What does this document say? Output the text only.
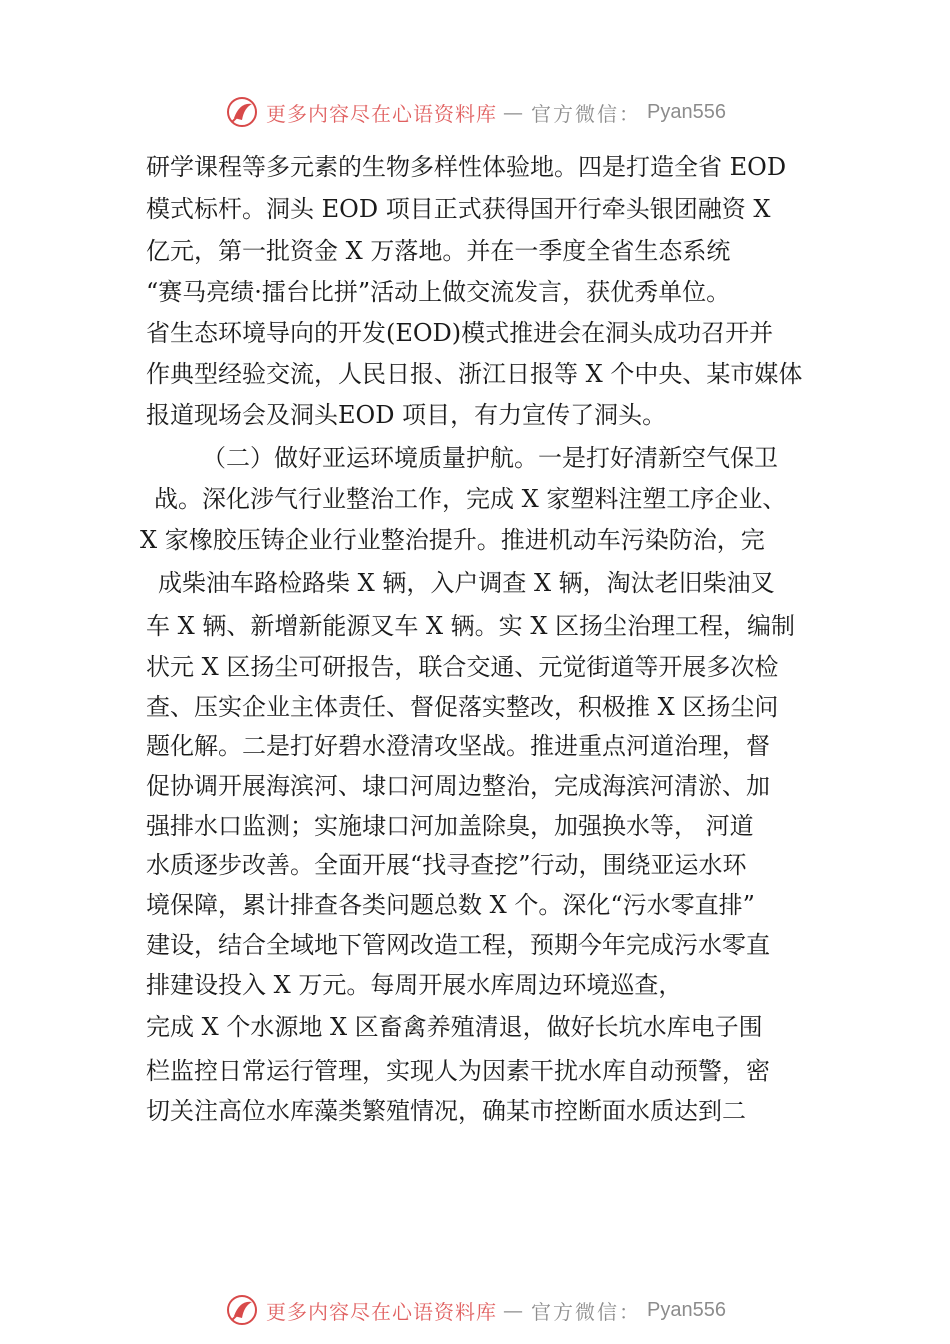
更多内容尽在心语资料库 — 官方微信： Pyan556
研学课程等多元素的生物多样性体验地。四是打造全省 EOD
模式标杆。洞头 EOD 项目正式获得国开行牵头银团融资 X
亿元，第一批资金 X 万落地。并在一季度全省生态系统
“赛马亮绩·擂台比拼”活动上做交流发言，获优秀单位。
省生态环境导向的开发(EOD)模式推进会在洞头成功召开并
作典型经验交流，人民日报、浙江日报等 X 个中央、某市媒体
报道现场会及洞头EOD 项目，有力宣传了洞头。
（二）做好亚运环境质量护航。一是打好清新空气保卫
战。深化涉气行业整治工作，完成 X 家塑料注塑工序企业、
X 家橡胶压铸企业行业整治提升。推进机动车污染防治，完
成柴油车路检路柴 X 辆，入户调查 X 辆，淘汰老旧柴油叉
车 X 辆、新增新能源叉车 X 辆。实 X 区扬尘治理工程，编制
状元 X 区扬尘可研报告，联合交通、元觉街道等开展多次检
查、压实企业主体责任、督促落实整改，积极推 X 区扬尘问
题化解。二是打好碧水澄清攻坚战。推进重点河道治理，督
促协调开展海滨河、埭口河周边整治，完成海滨河清淤、加
强排水口监测；实施埭口河加盖除臭，加强换水等， 河道
水质逐步改善。全面开展“找寻查挖”行动，围绕亚运水环
境保障，累计排查各类问题总数 X 个。深化“污水零直排”
建设，结合全域地下管网改造工程，预期今年完成污水零直
排建设投入 X 万元。每周开展水库周边环境巡查，
完成 X 个水源地 X 区畜禽养殖清退，做好长坑水库电子围
栏监控日常运行管理，实现人为因素干扰水库自动预警，密
切关注高位水库藻类繁殖情况，确某市控断面水质达到二
更多内容尽在心语资料库 — 官方微信： Pyan556
